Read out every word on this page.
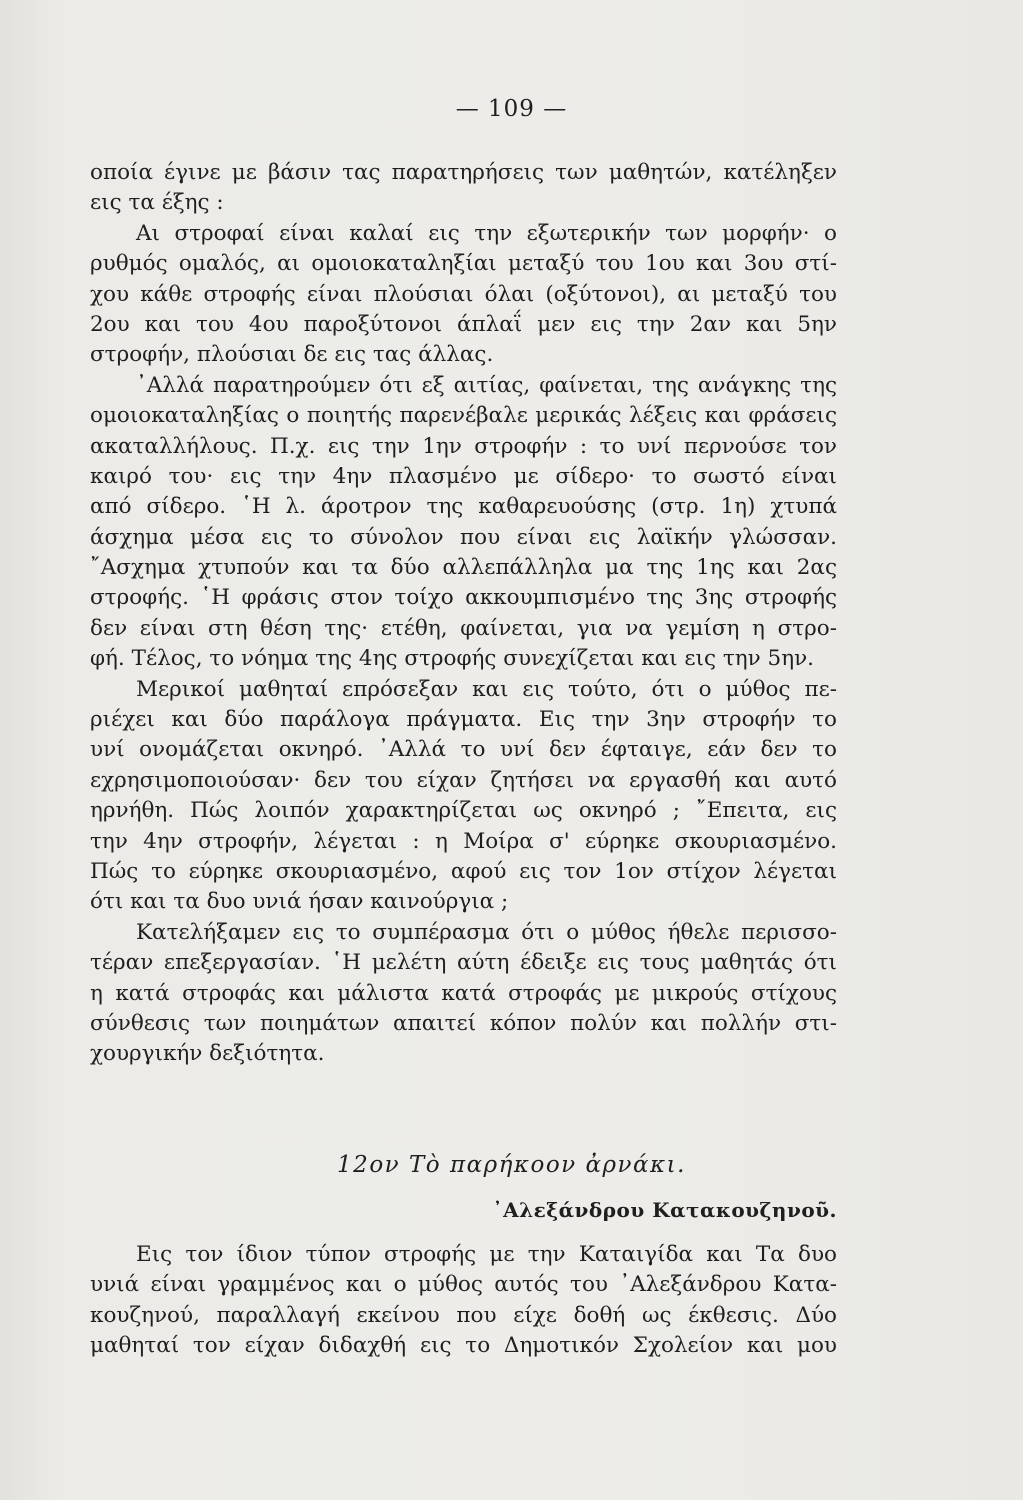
— 109 —
οποία έγινε με βάσιν τας παρατηρήσεις των μαθητών, κατέληξεν
εις τα έξης :
Αι στροφαί είναι καλαί εις την εξωτερικήν των μορφήν· ο
ρυθμός ομαλός, αι ομοιοκαταληξίαι μεταξύ του 1ου και 3ου στί-
χου κάθε στροφής είναι πλούσιαι όλαι (οξύτονοι), αι μεταξύ του
2ου και του 4ου παροξύτονοι άπλαΐ μεν εις την 2αν και 5ην
στροφήν, πλούσιαι δε εις τας άλλας.
᾿Αλλά παρατηρούμεν ότι εξ αιτίας, φαίνεται, της ανάγκης της
ομοιοκαταληξίας ο ποιητής παρενέβαλε μερικάς λέξεις και φράσεις
ακαταλλήλους. Π.χ. εις την 1ην στροφήν : το υνί περνούσε τον
καιρό του· εις την 4ην πλασμένο με σίδερο· το σωστό είναι
από σίδερο. ῾Η λ. άροτρον της καθαρευούσης (στρ. 1η) χτυπά
άσχημα μέσα εις το σύνολον που είναι εις λαϊκήν γλώσσαν.
῎Ασχημα χτυπούν και τα δύο αλλεπάλληλα μα της 1ης και 2ας
στροφής. ῾Η φράσις στον τοίχο ακκουμπισμένο της 3ης στροφής
δεν είναι στη θέση της· ετέθη, φαίνεται, για να γεμίση η στρο-
φή. Τέλος, το νόημα της 4ης στροφής συνεχίζεται και εις την 5ην.
Μερικοί μαθηταί επρόσεξαν και εις τούτο, ότι ο μύθος πε-
ριέχει και δύο παράλογα πράγματα. Εις την 3ην στροφήν το
υνί ονομάζεται οκνηρό. ᾿Αλλά το υνί δεν έφταιγε, εάν δεν το
εχρησιμοποιούσαν· δεν του είχαν ζητήσει να εργασθή και αυτό
ηρνήθη. Πώς λοιπόν χαρακτηρίζεται ως οκνηρό ; ῎Επειτα, εις
την 4ην στροφήν, λέγεται : η Μοίρα σ' εύρηκε σκουριασμένο.
Πώς το εύρηκε σκουριασμένο, αφού εις τον 1ον στίχον λέγεται
ότι και τα δυο υνιά ήσαν καινούργια ;
Κατελήξαμεν εις το συμπέρασμα ότι ο μύθος ήθελε περισσο-
τέραν επεξεργασίαν. ῾Η μελέτη αύτη έδειξε εις τους μαθητάς ότι
η κατά στροφάς και μάλιστα κατά στροφάς με μικρούς στίχους
σύνθεσις των ποιημάτων απαιτεί κόπον πολύν και πολλήν στι-
χουργικήν δεξιότητα.
12ον Τὸ παρήκοον ἀρνάκι.
᾿Αλεξάνδρου Κατακουζηνοῦ.
Εις τον ίδιον τύπον στροφής με την Καταιγίδα και Τα δυο
υνιά είναι γραμμένος και ο μύθος αυτός του ᾿Αλεξάνδρου Κατα-
κουζηνού, παραλλαγή εκείνου που είχε δοθή ως έκθεσις. Δύο
μαθηταί τον είχαν διδαχθή εις το Δημοτικόν Σχολείον και μου
